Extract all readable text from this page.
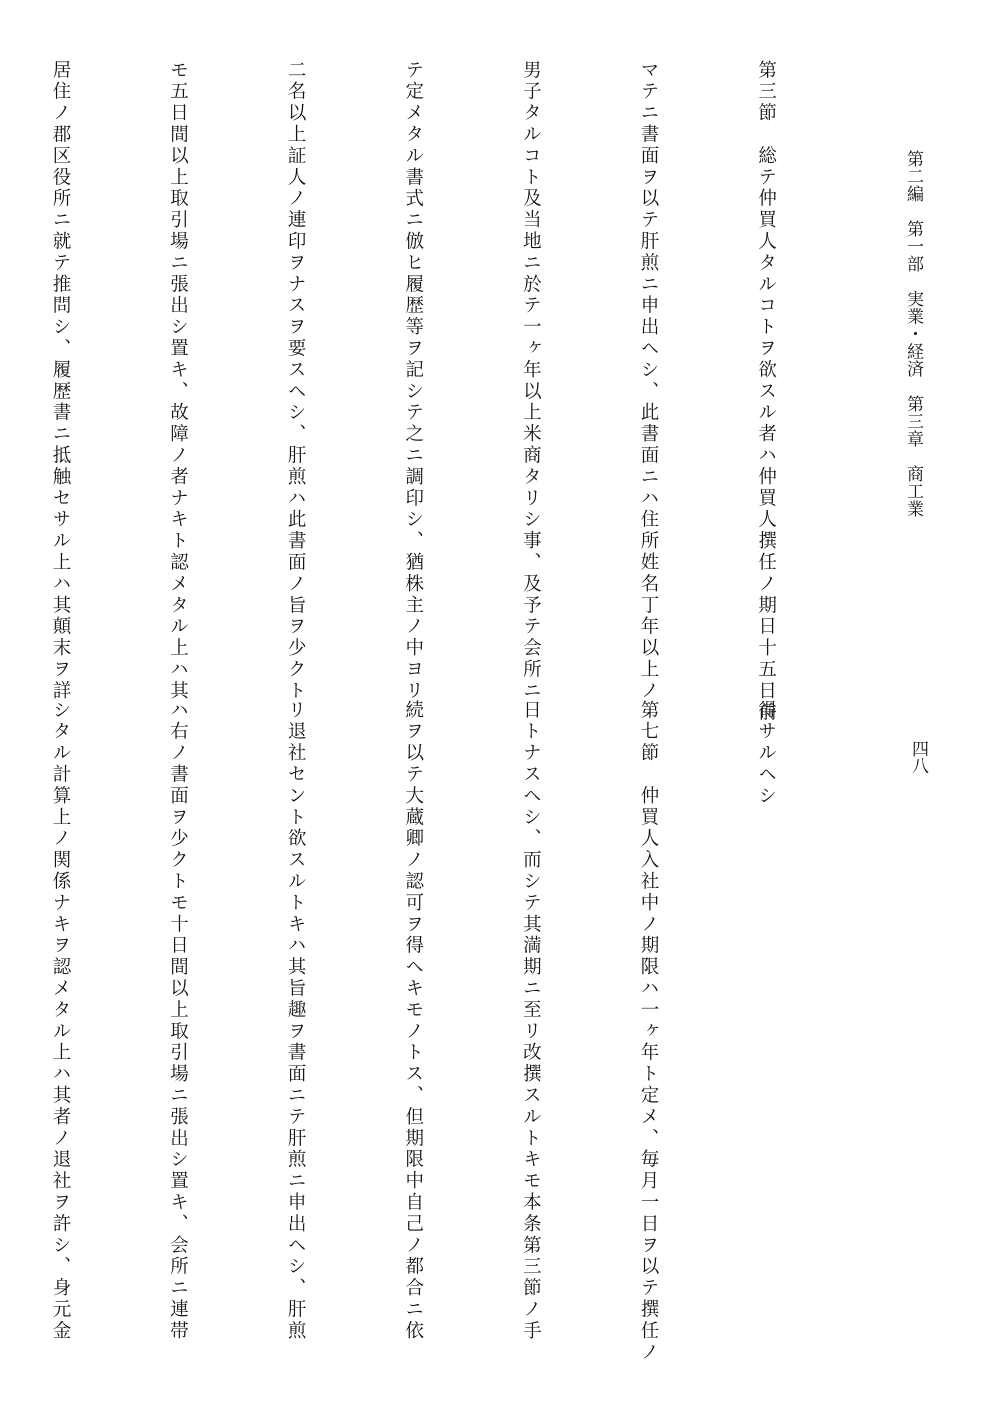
第二編　第一部　実業・経済　第三章　商工業
四八

第三節　総テ仲買人タルコトヲ欲スル者ハ仲買人撰任ノ期日十五日前

マテニ書面ヲ以テ肝煎ニ申出ヘシ、此書面ニハ住所姓名丁年以上ノ

男子タルコト及当地ニ於テ一ヶ年以上米商タリシ事、及予テ会所ニ

テ定メタル書式ニ倣ヒ履歴等ヲ記シテ之ニ調印シ、猶株主ノ中ヨリ

二名以上証人ノ連印ヲナスヲ要スヘシ、肝煎ハ此書面ノ旨ヲ少クト

モ五日間以上取引場ニ張出シ置キ、故障ノ者ナキト認メタル上ハ其

居住ノ郡区役所ニ就テ推問シ、履歴書ニ抵触セサル上ハ其顛末ヲ詳

得サルヘシ

第七節　仲買人入社中ノ期限ハ一ヶ年ト定メ、毎月一日ヲ以テ撰任ノ

日トナスヘシ、而シテ其満期ニ至リ改撰スルトキモ本条第三節ノ手

続ヲ以テ大蔵卿ノ認可ヲ得ヘキモノトス、但期限中自己ノ都合ニ依

リ退社セント欲スルトキハ其旨趣ヲ書面ニテ肝煎ニ申出ヘシ、肝煎

ハ右ノ書面ヲ少クトモ十日間以上取引場ニ張出シ置キ、会所ニ連帯

シタル計算上ノ関係ナキヲ認メタル上ハ其者ノ退社ヲ許シ、身元金
